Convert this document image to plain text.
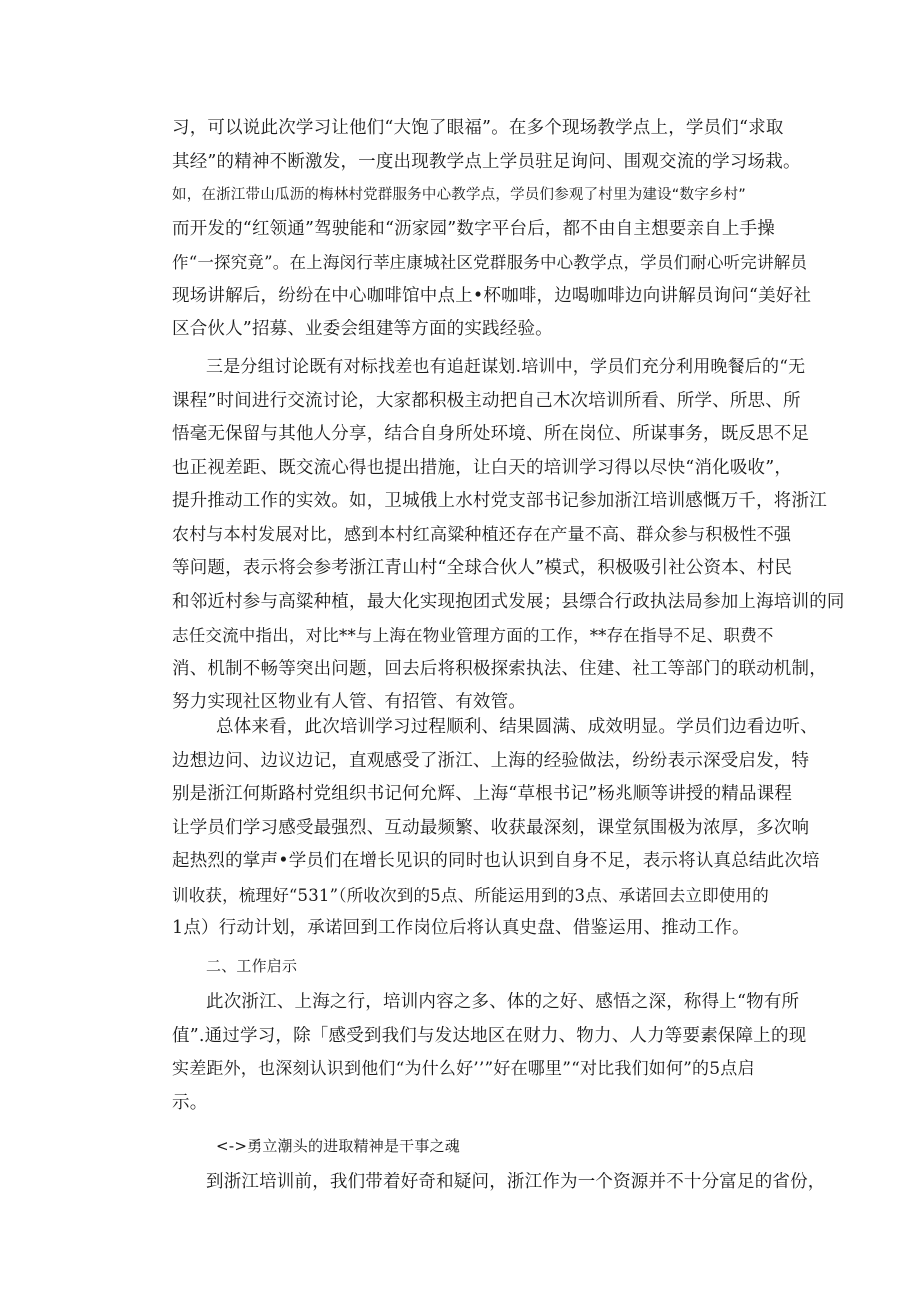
习，可以说此次学习让他们“大饱了眼福”。在多个现场教学点上，学员们“求取
其经”的精神不断激发，一度出现教学点上学员驻足询问、围观交流的学习场栽。
如，在浙江带山瓜沥的梅林村党群服务中心教学点，学员们参观了村里为建设“数字乡村”
而开发的“红领通”驾驶能和“沥家园”数字平台后，都不由自主想要亲自上手操
作“一探究竟”。在上海闵行莘庄康城社区党群服务中心教学点，学员们耐心听完讲解员
现场讲解后，纷纷在中心咖啡馆中点上•杯咖啡，边喝咖啡边向讲解员询问“美好社
区合伙人”招募、业委会组建等方面的实践经验。
三是分组讨论既有对标找差也有追赶谋划.培训中，学员们充分利用晚餐后的“无
课程”时间进行交流讨论，大家都积极主动把自己木次培训所看、所学、所思、所
悟毫无保留与其他人分享，结合自身所处环境、所在岗位、所谋事务，既反思不足
也正视差距、既交流心得也提出措施，让白天的培训学习得以尽快“消化吸收”，
提升推动工作的实效。如，卫城俄上水村党支部书记参加浙江培训感慨万千，将浙江
农村与本村发展对比，感到本村红高粱种植还存在产量不高、群众参与积极性不强
等问题，表示将会参考浙江青山村“全球合伙人”模式，积极吸引社公资本、村民
和邻近村参与高粱种植，最大化实现抱团式发展；县缥合行政执法局参加上海培训的同
志任交流中指出，对比**与上海在物业管理方面的工作，**存在指导不足、职费不
消、机制不畅等突出问题，回去后将积极探索执法、住建、社工等部门的联动机制，
努力实现社区物业有人管、有招管、有效管。
总体来看，此次培训学习过程顺利、结果圆满、成效明显。学员们边看边听、
边想边问、边议边记，直观感受了浙江、上海的经验做法，纷纷表示深受启发，特
别是浙江何斯路村党组织书记何允辉、上海“草根书记”杨兆顺等讲授的精品课程
让学员们学习感受最强烈、互动最频繁、收获最深刻，课堂氛围极为浓厚，多次响
起热烈的掌声•学员们在增长见识的同时也认识到自身不足，表示将认真总结此次培
训收获，梳理好“531”（所收次到的5点、所能运用到的3点、承诺回去立即使用的
1点）行动计划，承诺回到工作岗位后将认真史盘、借鉴运用、推动工作。
二、工作启示
此次浙江、上海之行，培训内容之多、体的之好、感悟之深，称得上“物有所
值”.通过学习，除「感受到我们与发达地区在财力、物力、人力等要素保障上的现
实差距外，也深刻认识到他们“为什么好’’”好在哪里”“对比我们如何”的5点启
示。
<->勇立潮头的进取精神是干事之魂
到浙江培训前，我们带着好奇和疑问，浙江作为一个资源并不十分富足的省份，
